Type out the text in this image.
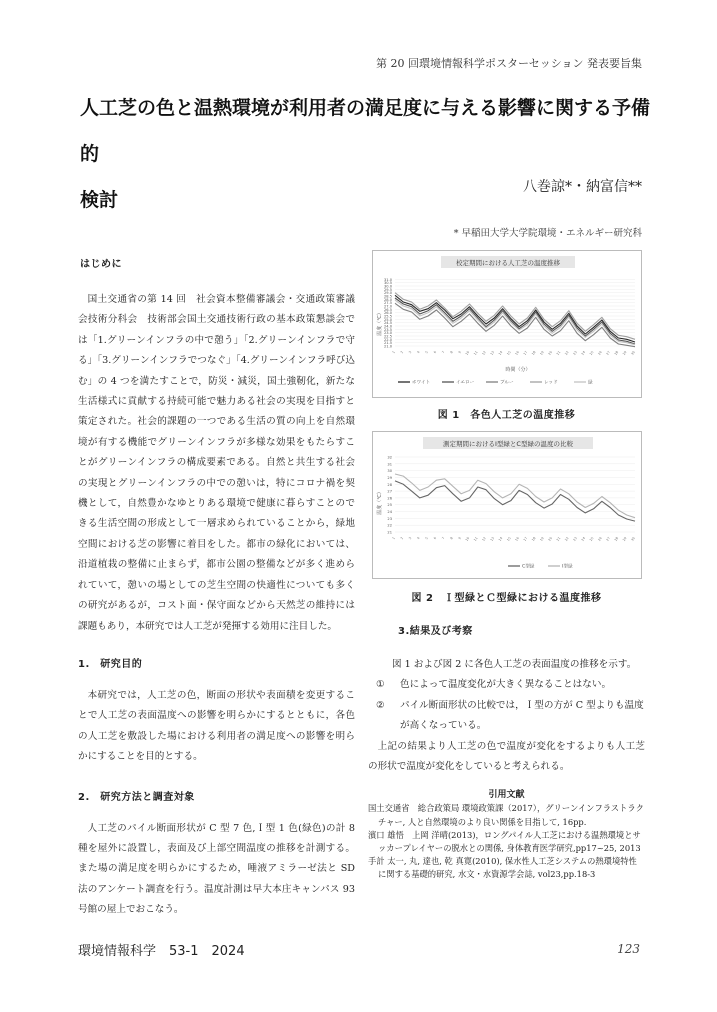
第 20 回環境情報科学ポスターセッション 発表要旨集
人工芝の色と温熱環境が利用者の満足度に与える影響に関する予備的
検討
八巻諒*・納富信**
* 早稲田大学大学院環境・エネルギー研究科
はじめに

国土交通省の第 14 回　社会資本整備審議会・交通政策審議会技術分科会　技術部会国土交通技術行政の基本政策懇談会では「1.グリーンインフラの中で憩う」「2.グリーンインフラで守る」「3.グリーンインフラでつなぐ」「4.グリーンインフラ呼び込む」の 4 つを満たすことで，防災・減災，国土強靭化，新たな生活様式に貢献する持続可能で魅力ある社会の実現を目指すと策定された。社会的課題の一つである生活の質の向上を自然環境が有する機能でグリーンインフラが多様な効果をもたらすことがグリーンインフラの構成要素である。自然と共生する社会の実現とグリーンインフラの中での憩いは，特にコロナ禍を契機として，自然豊かなゆとりある環境で健康に暮らすことのできる生活空間の形成として一層求められていることから，緑地空間における芝の影響に着目をした。都市の緑化においては、沿道植栽の整備に止まらず，都市公園の整備などが多く進められていて，憩いの場としての芝生空間の快適性についても多くの研究があるが，コスト面・保守面などから天然芝の維持には課題もあり，本研究では人工芝が発揮する効用に注目した。

1.　研究目的

本研究では，人工芝の色，断面の形状や表面積を変更することで人工芝の表面温度への影響を明らかにするとともに，各色の人工芝を敷設した場における利用者の満足度への影響を明らかにすることを目的とする。

2.　研究方法と調査対象

人工芝のパイル断面形状が C 型 7 色,Ｉ型 1 色(緑色)の計 8 種を屋外に設置し，表面及び上部空間温度の推移を計測する。また場の満足度を明らかにするため，唾液アミラーゼ法と SD 法のアンケート調査を行う。温度計測は早大本庄キャンパス 93 号館の屋上でおこなう。

校定期間における人工芝の温度推移
31.0
30.5
30.0
29.5
29.0
28.5
28.0
27.5
27.0
26.5
26.0
25.5
25.0
24.5
24.0
23.5
23.0
22.5
22.0
21.5
21.0
1 2 3 4 5 6 7 8 9 10 11 12 13 14 15 16 17 18 19 20 21 22 23 24 25 26 27 28 29 30
温度（℃）
時間（分）
ホワイト	イエロー	ブルー	レッド	緑
図 1　各色人工芝の温度推移
測定期間におけるI型緑とC型緑の温度の比較
32
31
30
29
28
27
26
25
24
23
22
21
1 2 3 4 5 6 7 8 9 10 11 12 13 14 15 16 17 18 19 20 21 22 23 24 25 26 27 28 29 30
温度（℃）
C型緑	I型緑
図 2　Ｉ型緑とＣ型緑における温度推移
3.結果及び考察

図 1 および図 2 に各色人工芝の表面温度の推移を示す。

①	色によって温度変化が大きく異なることはない。
②	パイル断面形状の比較では，Ｉ型の方が C 型よりも温度が高くなっている。

上記の結果より人工芝の色で温度が変化をするよりも人工芝の形状で温度が変化をしていると考えられる。

引用文献

国土交通省　総合政策局 環境政策課（2017），グリーンインフラストラクチャー, 人と自然環境のより良い関係を目指して, 16pp.

濱口 雄悟　上岡 洋晴(2013)，ロングパイル人工芝における温熱環境とサッカープレイヤーの脱水との関係, 身体教育医学研究,pp17~25, 2013

手計 太一, 丸, 達也, 乾 真寛(2010), 保水性人工芝システムの熱環境特性に関する基礎的研究, 水文・水資源学会誌, vol23,pp.18-3

環境情報科学　53-1　2024	123
